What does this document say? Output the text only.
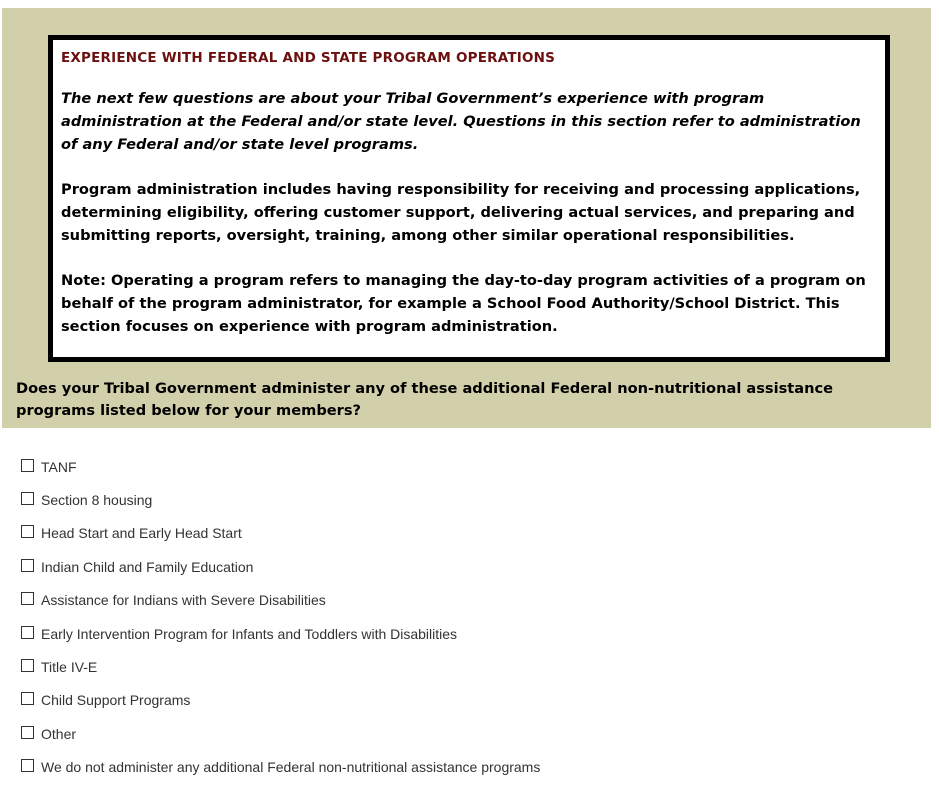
EXPERIENCE WITH FEDERAL AND STATE PROGRAM OPERATIONS

The next few questions are about your Tribal Government’s experience with program administration at the Federal and/or state level. Questions in this section refer to administration of any Federal and/or state level programs.

Program administration includes having responsibility for receiving and processing applications, determining eligibility, offering customer support, delivering actual services, and preparing and submitting reports, oversight, training, among other similar operational responsibilities.

Note: Operating a program refers to managing the day-to-day program activities of a program on behalf of the program administrator, for example a School Food Authority/School District. This section focuses on experience with program administration.

Does your Tribal Government administer any of these additional Federal non-nutritional assistance programs listed below for your members?
TANF
Section 8 housing
Head Start and Early Head Start
Indian Child and Family Education
Assistance for Indians with Severe Disabilities
Early Intervention Program for Infants and Toddlers with Disabilities
Title IV-E
Child Support Programs
Other
We do not administer any additional Federal non-nutritional assistance programs
